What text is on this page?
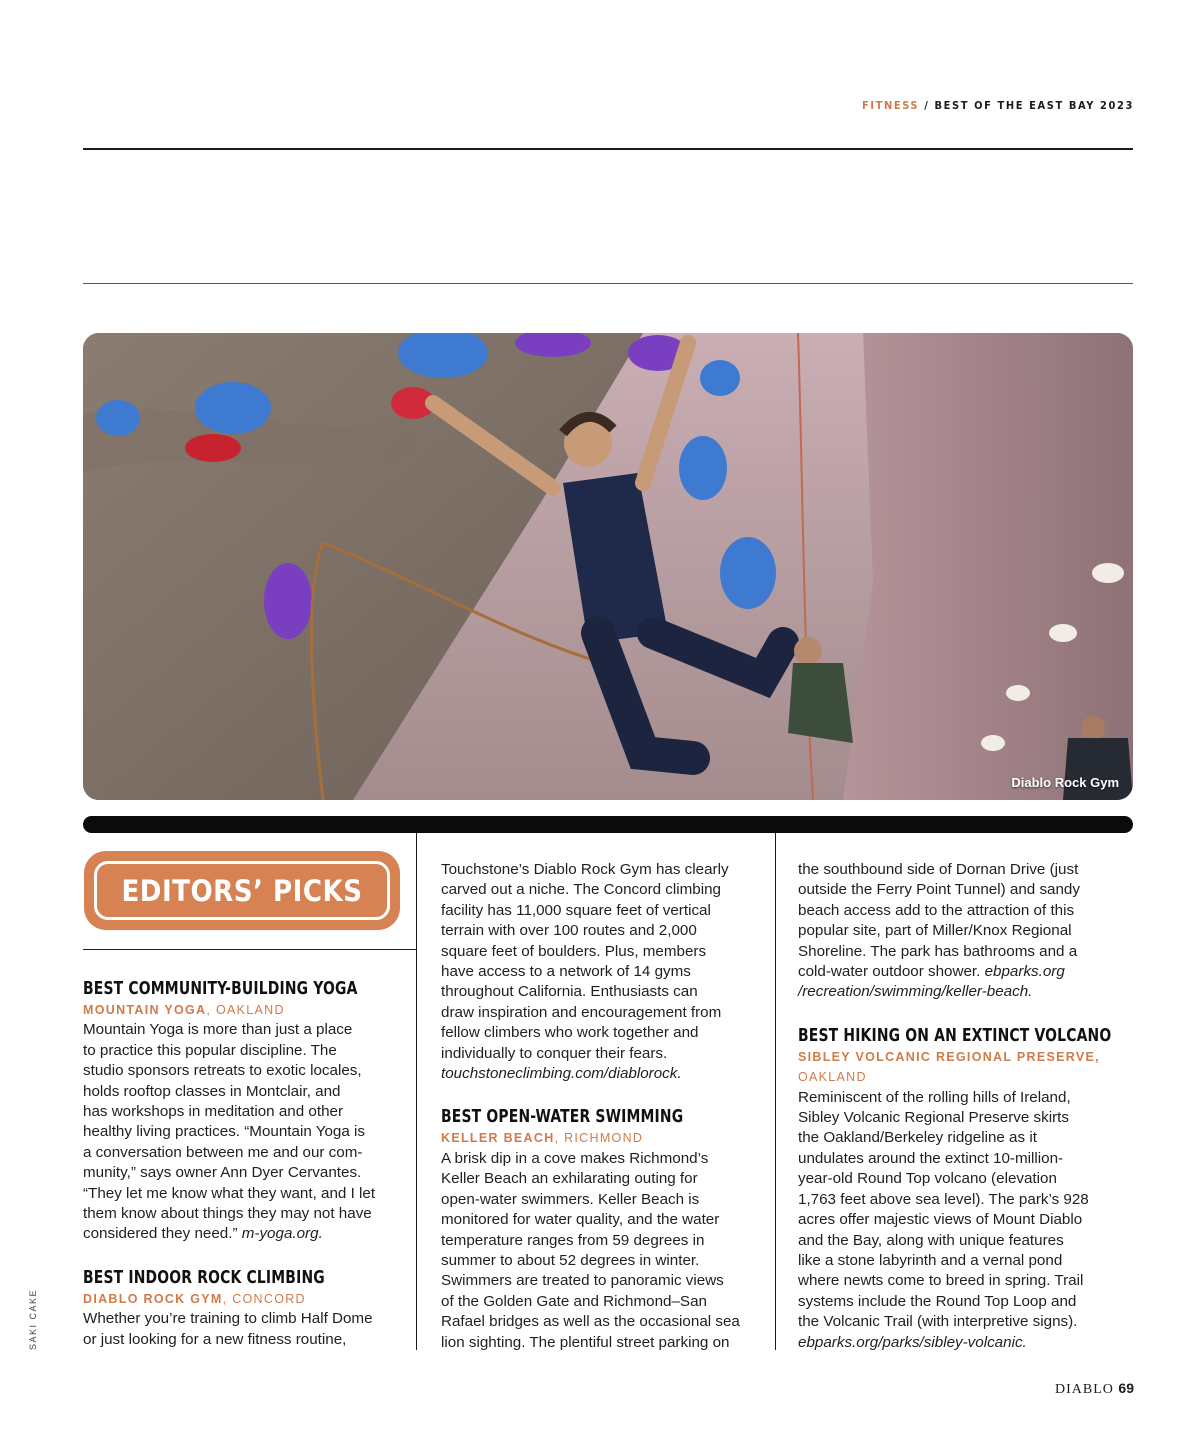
FITNESS / BEST OF THE EAST BAY 2023
Diablo Rock Gym
EDITORS’ PICKS
BEST COMMUNITY-BUILDING YOGA
MOUNTAIN YOGA, OAKLAND

Mountain Yoga is more than just a place

to practice this popular discipline. The

studio sponsors retreats to exotic locales,

holds rooftop classes in Montclair, and

has workshops in meditation and other

healthy living practices. “Mountain Yoga is

a conversation between me and our com-

munity,” says owner Ann Dyer Cervantes.

“They let me know what they want, and I let

them know about things they may not have

considered they need.” m-yoga.org.

BEST INDOOR ROCK CLIMBING
DIABLO ROCK GYM, CONCORD

Whether you’re training to climb Half Dome

or just looking for a new fitness routine,

Touchstone’s Diablo Rock Gym has clearly

carved out a niche. The Concord climbing

facility has 11,000 square feet of vertical

terrain with over 100 routes and 2,000

square feet of boulders. Plus, members

have access to a network of 14 gyms

throughout California. Enthusiasts can

draw inspiration and encouragement from

fellow climbers who work together and

individually to conquer their fears.

touchstoneclimbing.com/diablorock.

BEST OPEN-WATER SWIMMING
KELLER BEACH, RICHMOND

A brisk dip in a cove makes Richmond’s

Keller Beach an exhilarating outing for

open-water swimmers. Keller Beach is

monitored for water quality, and the water

temperature ranges from 59 degrees in

summer to about 52 degrees in winter.

Swimmers are treated to panoramic views

of the Golden Gate and Richmond–San

Rafael bridges as well as the occasional sea

lion sighting. The plentiful street parking on

the southbound side of Dornan Drive (just

outside the Ferry Point Tunnel) and sandy

beach access add to the attraction of this

popular site, part of Miller/Knox Regional

Shoreline. The park has bathrooms and a

cold-water outdoor shower. ebparks.org

/recreation/swimming/keller-beach.

BEST HIKING ON AN EXTINCT VOLCANO
SIBLEY VOLCANIC REGIONAL PRESERVE,
OAKLAND

Reminiscent of the rolling hills of Ireland,

Sibley Volcanic Regional Preserve skirts

the Oakland/Berkeley ridgeline as it

undulates around the extinct 10-million-

year-old Round Top volcano (elevation

1,763 feet above sea level). The park’s 928

acres offer majestic views of Mount Diablo

and the Bay, along with unique features

like a stone labyrinth and a vernal pond

where newts come to breed in spring. Trail

systems include the Round Top Loop and

the Volcanic Trail (with interpretive signs).

ebparks.org/parks/sibley-volcanic.

SAKI CAKE
DIABLO 69
